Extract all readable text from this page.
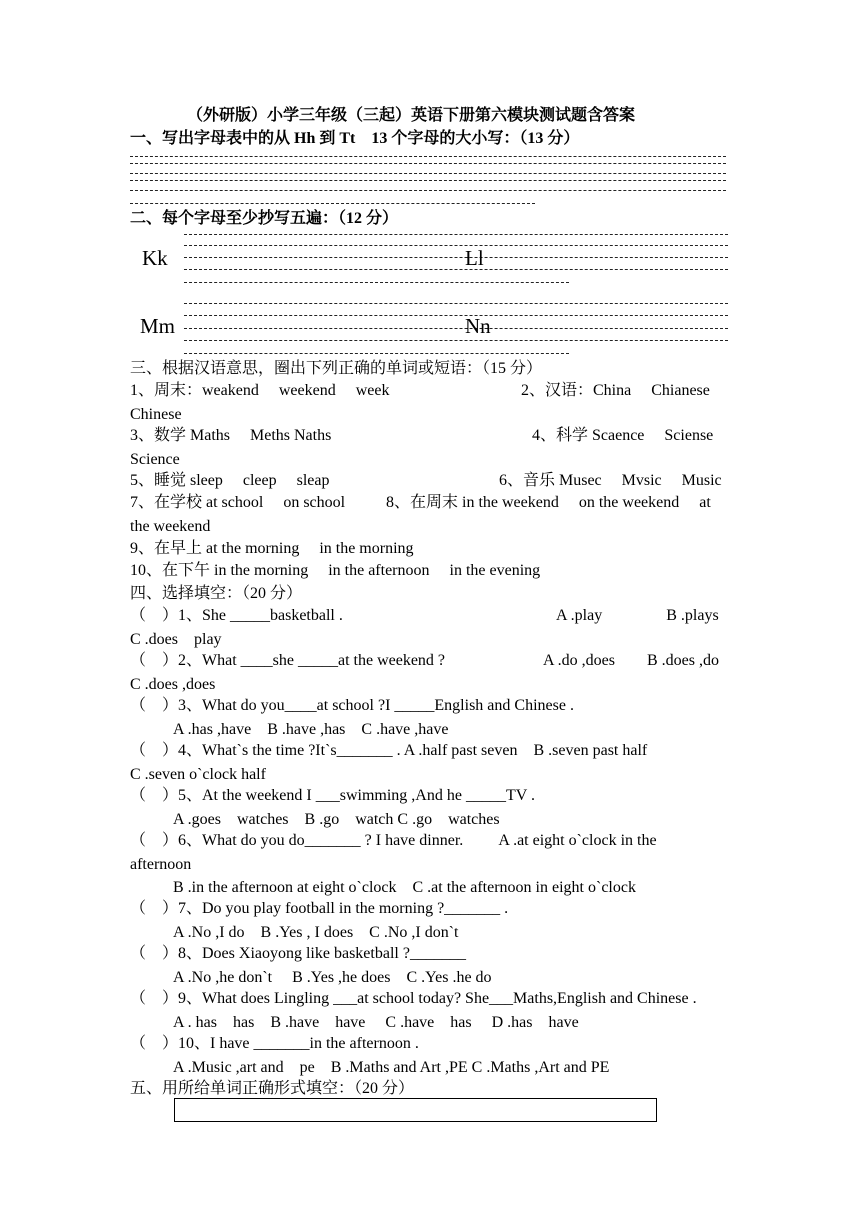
（外研版）小学三年级（三起）英语下册第六模块测试题含答案
一、写出字母表中的从 Hh 到 Tt　13 个字母的大小写：（13 分）
二、每个字母至少抄写五遍：（12 分）
Kk	Ll
Mm	Nn
三、根据汉语意思，圈出下列正确的单词或短语：（15 分）
1、周末：weakend　 weekend　 week	2、汉语：China　 Chianese
Chinese
3、数学 Maths　 Meths Naths	4、科学 Scaence　 Sciense
Science
5、睡觉 sleep　 cleep　 sleap	6、音乐 Musec　 Mvsic　 Music
7、在学校 at school　 on school	8、在周末 in the weekend　 on the weekend　 at
the weekend
9、在早上 at the morning　 in the morning
10、在下午 in the morning　 in the afternoon　 in the evening
四、选择填空：（20 分）
（　）1、She _____basketball .	A .play　　　　B .plays
C .does　play
（　）2、What ____she _____at the weekend ?	A .do ,does　　B .does ,do
C .does ,does
（　）3、What do you____at school ?I _____English and Chinese .
A .has ,have　B .have ,has　C .have ,have
（　）4、What`s the time ?It`s_______ . A .half past seven　B .seven past half
C .seven o`clock half
（　）5、At the weekend I ___swimming ,And he _____TV .
A .goes　watches　B .go　watch C .go　watches
（　）6、What do you do_______ ? I have dinner.　　 A .at eight o`clock in the
afternoon
B .in the afternoon at eight o`clock　C .at the afternoon in eight o`clock
（　）7、Do you play football in the morning ?_______ .
A .No ,I do　B .Yes , I does　C .No ,I don`t
（　）8、Does Xiaoyong like basketball ?_______
A .No ,he don`t　 B .Yes ,he does　C .Yes .he do
（　）9、What does Lingling ___at school today? She___Maths,English and Chinese .
A . has　has　B .have　have　 C .have　has　 D .has　have
（　）10、I have _______in the afternoon .
A .Music ,art and　pe　B .Maths and Art ,PE C .Maths ,Art and PE
五、用所给单词正确形式填空：（20 分）
